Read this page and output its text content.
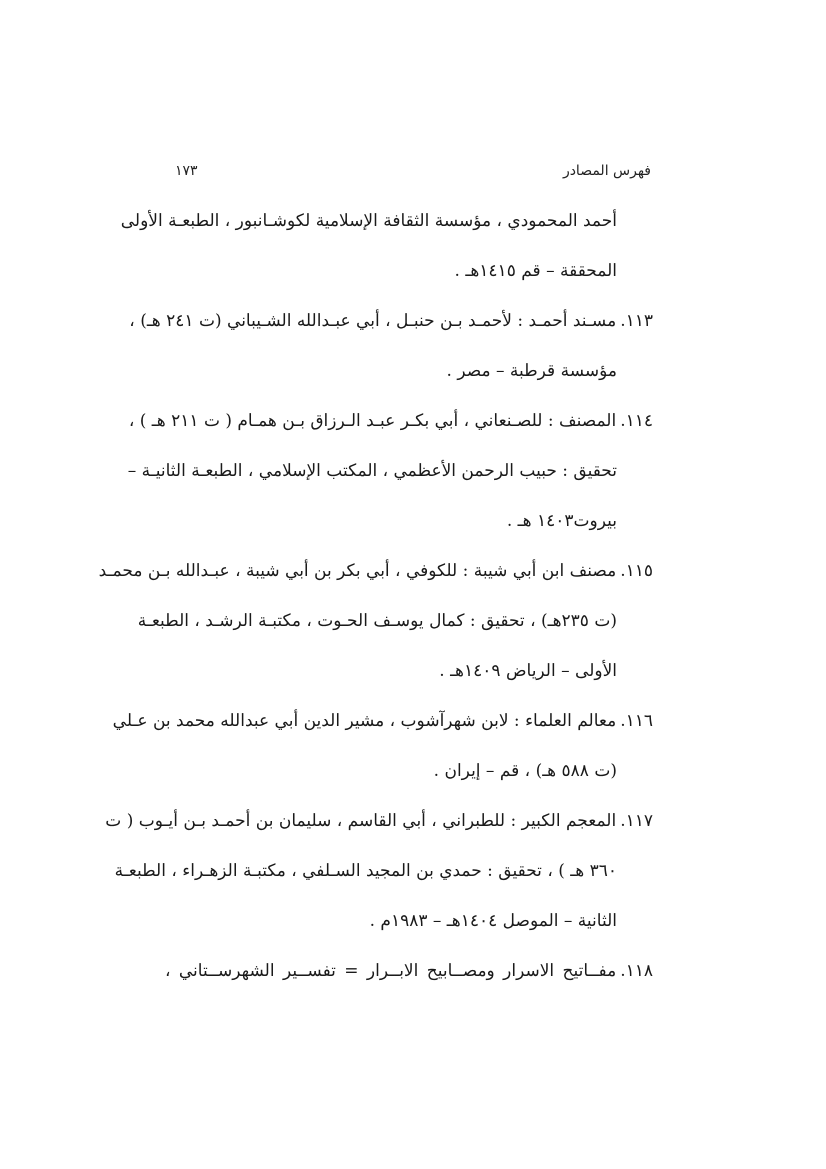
١٧٣	فهرس المصادر
أحمد المحمودي ، مؤسسة الثقافة الإسلامية لكوشـانبور ، الطبعـة الأولى
المحققة – قم ١٤١٥هـ .
١١٣.مسـند أحمـد : لأحمـد بـن حنبـل ، أبي عبـدالله الشـيباني (ت ٢٤١ هـ) ،
مؤسسة قرطبة – مصر .
١١٤.المصنف : للصـنعاني ، أبي بكـر عبـد الـرزاق بـن همـام ( ت ٢١١ هـ ) ،
تحقيق : حبيب الرحمن الأعظمي ، المكتب الإسلامي ، الطبعـة الثانيـة –
بيروت١٤٠٣ هـ .
١١٥.مصنف ابن أبي شيبة : للكوفي ، أبي بكر بن أبي شيبة ، عبـدالله بـن محمـد
(ت ٢٣٥هـ) ، تحقيق : كمال يوسـف الحـوت ، مكتبـة الرشـد ، الطبعـة
الأولى – الرياض ١٤٠٩هـ .
١١٦.معالم العلماء : لابن شهرآشوب ، مشير الدين أبي عبدالله محمد بن عـلي
(ت ٥٨٨ هـ) ، قم – إيران .
١١٧.المعجم الكبير : للطبراني ، أبي القاسم ، سليمان بن أحمـد بـن أيـوب ( ت
٣٦٠ هـ ) ، تحقيق : حمدي بن المجيد السـلفي ، مكتبـة الزهـراء ، الطبعـة
الثانية – الموصل ١٤٠٤هـ – ١٩٨٣م .
١١٨.مفــاتيح الاسرار ومصــابيح الابــرار = تفســير الشهرســتاني ،
